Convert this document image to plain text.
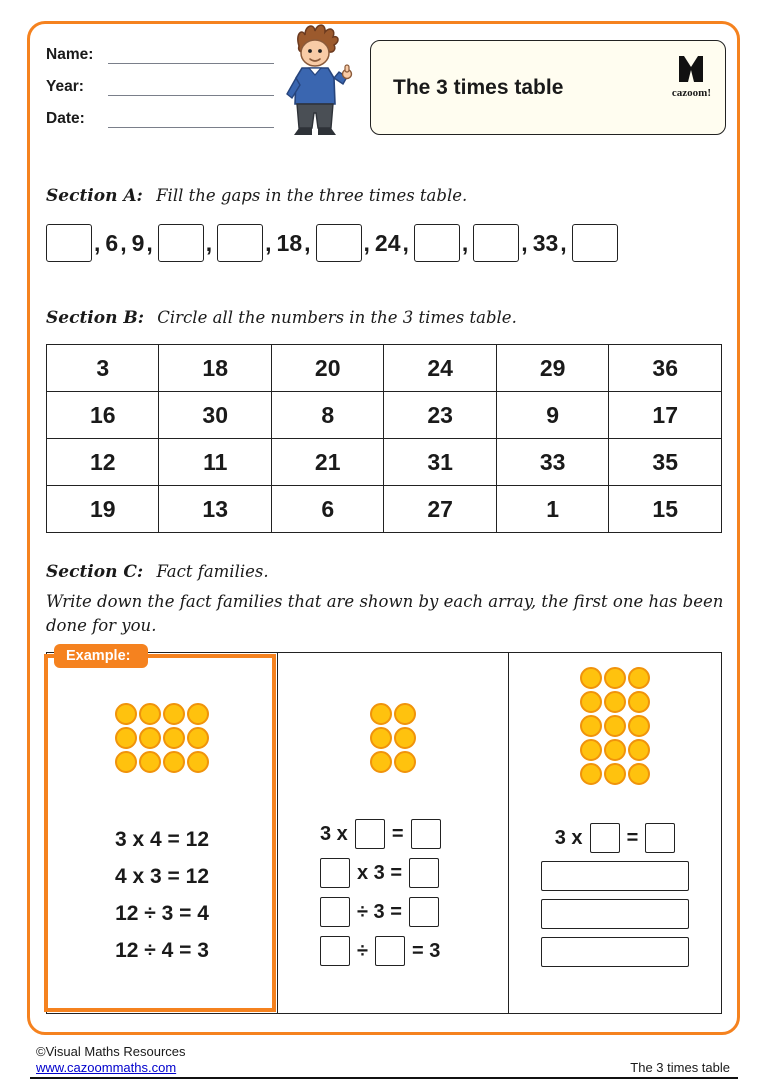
Name:
Year:
Date:
The 3 times table	cazoom!
Section A: Fill the gaps in the three times table.
, 6 , 9 , , , 18 , , 24 , , , 33 ,
Section B: Circle all the numbers in the 3 times table.
3	18	20	24	29	36
16	30	8	23	9	17
12	11	21	31	33	35
19	13	6	27	1	15
Section C: Fact families.
Write down the fact families that are shown by each array, the first one has been done for you.
3 x 4 = 12
4 x 3 = 12
12 ÷ 3 = 4
12 ÷ 4 = 3
3 x =
x 3 =
÷ 3 =
÷ = 3
3 x =
Example:
©Visual Maths Resources
www.cazoommaths.com	The 3 times table
